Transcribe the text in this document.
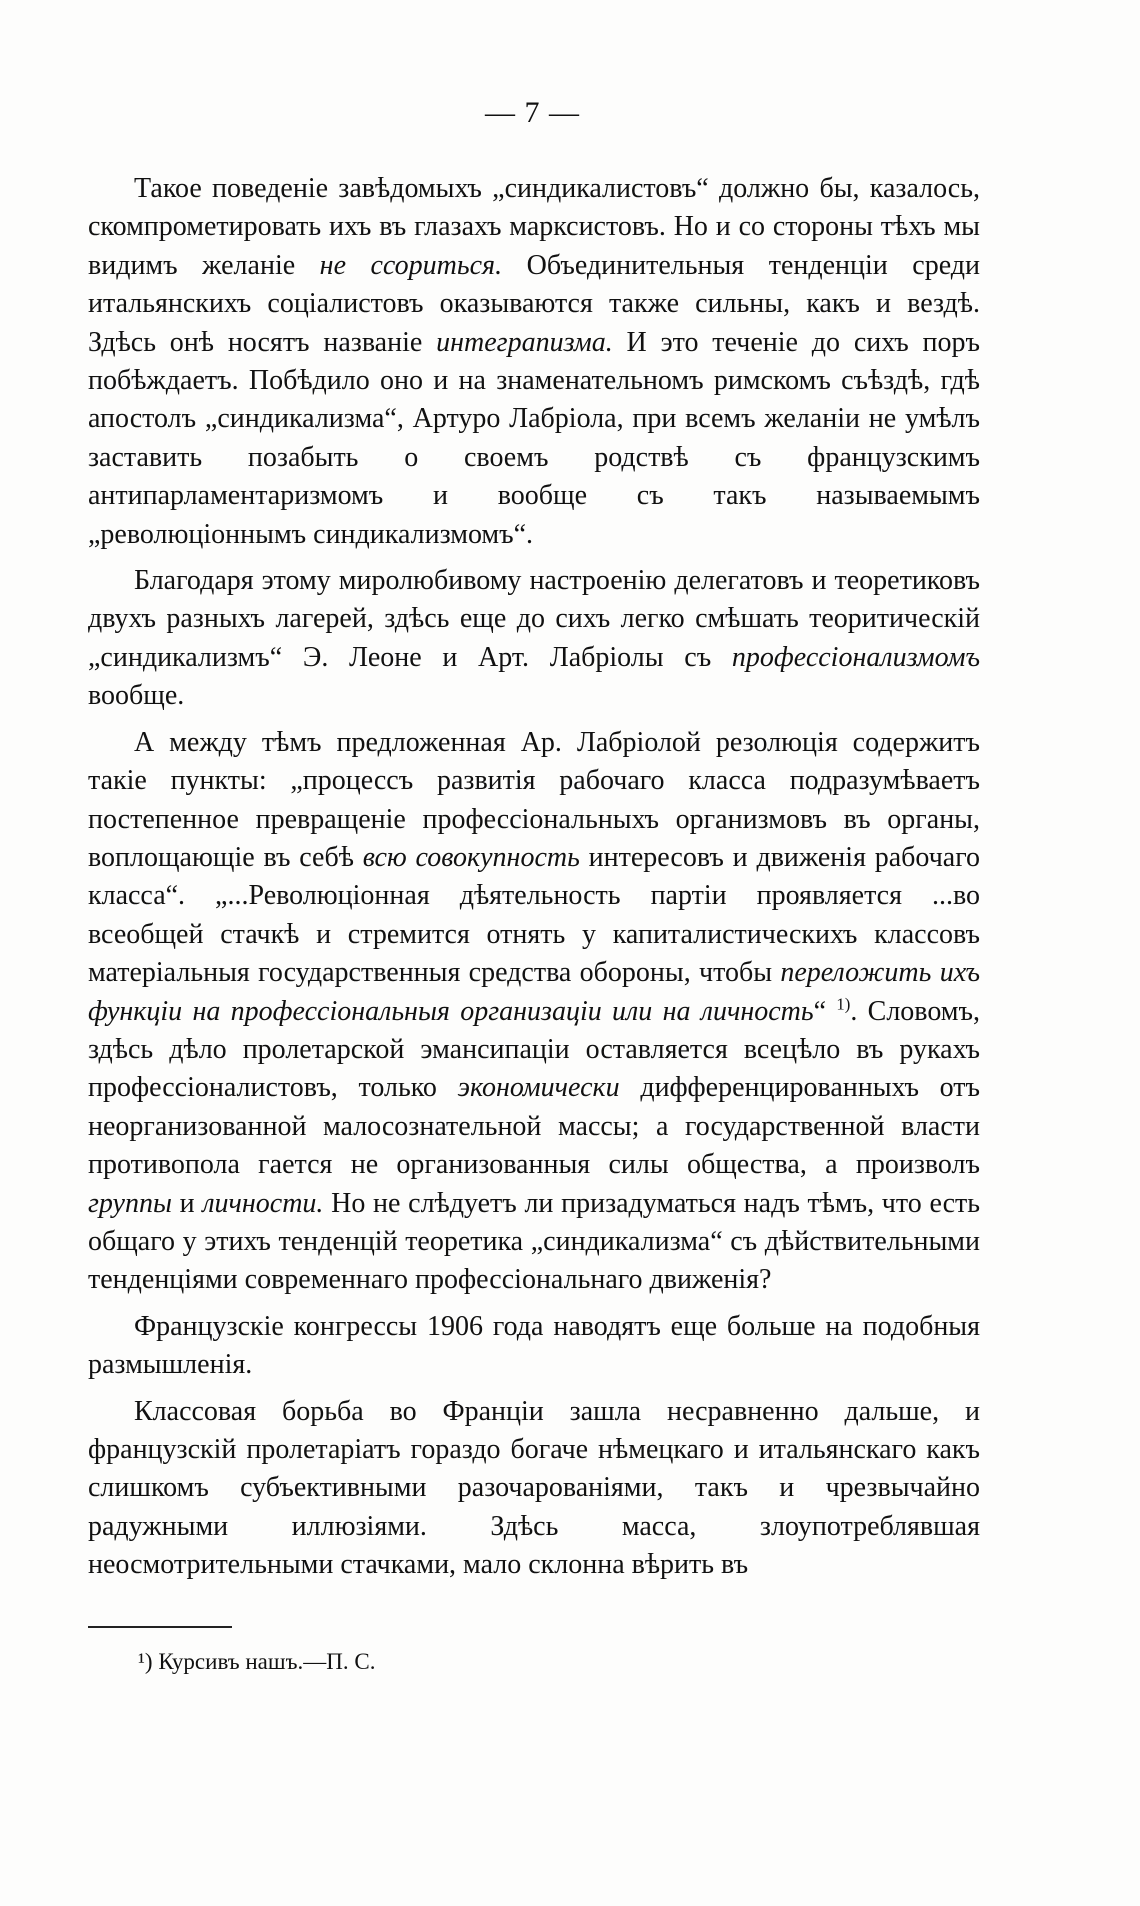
— 7 —

Такое поведеніе завѣдомыхъ „синдикалистовъ“ должно бы, казалось, скомпрометировать ихъ въ глазахъ марксистовъ. Но и со стороны тѣхъ мы видимъ желаніе не ссориться. Объединительныя тенденціи среди итальянскихъ соціалистовъ оказываются также сильны, какъ и вездѣ. Здѣсь онѣ носятъ названіе интеграпизма. И это теченіе до сихъ поръ побѣждаетъ. Побѣдило оно и на знаменательномъ римскомъ съѣздѣ, гдѣ апостолъ „синдикализма“, Артуро Лабріола, при всемъ желаніи не умѣлъ заставить позабыть о своемъ родствѣ съ французскимъ антипарламентаризмомъ и вообще съ такъ называемымъ „революціоннымъ синдикализмомъ“.

Благодаря этому миролюбивому настроенію делегатовъ и теоретиковъ двухъ разныхъ лагерей, здѣсь еще до сихъ легко смѣшать теоритическій „синдикализмъ“ Э. Леоне и Арт. Лабріолы съ профессіонализмомъ вообще.

А между тѣмъ предложенная Ар. Лабріолой резолюція содержитъ такіе пункты: „процессъ развитія рабочаго класса подразумѣваетъ постепенное превращеніе профессіональныхъ организмовъ въ органы, воплощающіе въ себѣ всю совокупность интересовъ и движенія рабочаго класса“. „...Революціонная дѣятельность партіи проявляется ...во всеобщей стачкѣ и стремится отнять у капиталистическихъ классовъ матеріальныя государственныя средства обороны, чтобы переложить ихъ функціи на профессіональныя организаціи или на личность“ $^{1)}$. Словомъ, здѣсь дѣло пролетарской эмансипаціи оставляется всецѣло въ рукахъ профессіоналистовъ, только экономически дифференцированныхъ отъ неорганизованной малосознательной массы; а государственной власти противопола гается не организованныя силы общества, а произволъ группы и личности. Но не слѣдуетъ ли призадуматься надъ тѣмъ, что есть общаго у этихъ тенденцій теоретика „синдикализма“ съ дѣйствительными тенденціями современнаго профессіональнаго движенія?

Французскіе конгрессы 1906 года наводятъ еще больше на подобныя размышленія.

Классовая борьба во Франціи зашла несравненно дальше, и французскій пролетаріатъ гораздо богаче нѣмецкаго и итальянскаго какъ слишкомъ субъективными разочарованіями, такъ и чрезвычайно радужными иллюзіями. Здѣсь масса, злоупотреблявшая неосмотрительными стачками, мало склонна вѣрить въ

¹) Курсивъ нашъ.—П. С.
